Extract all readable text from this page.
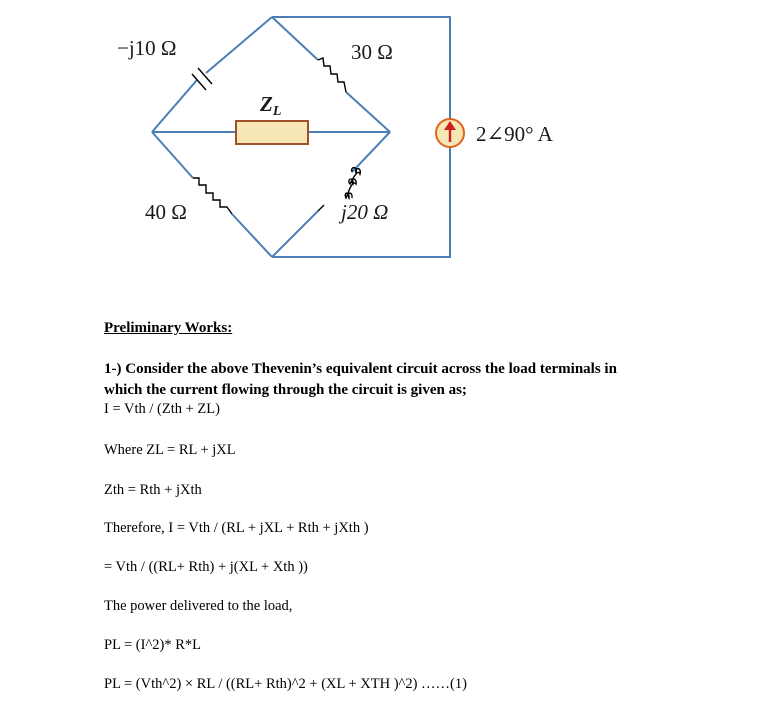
−j10 Ω	30 Ω
ZL
40 Ω	j20 Ω
2∠90° A
Preliminary Works:
1-) Consider the above Thevenin’s equivalent circuit across the load terminals in
which the current flowing through the circuit is given as;
I = Vth / (Zth + ZL)
Where ZL = RL + jXL
Zth = Rth + jXth
Therefore, I = Vth / (RL + jXL + Rth + jXth )
= Vth / ((RL+ Rth) + j(XL + Xth ))
The power delivered to the load,
PL = (I^2)* R*L
PL = (Vth^2) × RL / ((RL+ Rth)^2 + (XL + XTH )^2) ……(1)
